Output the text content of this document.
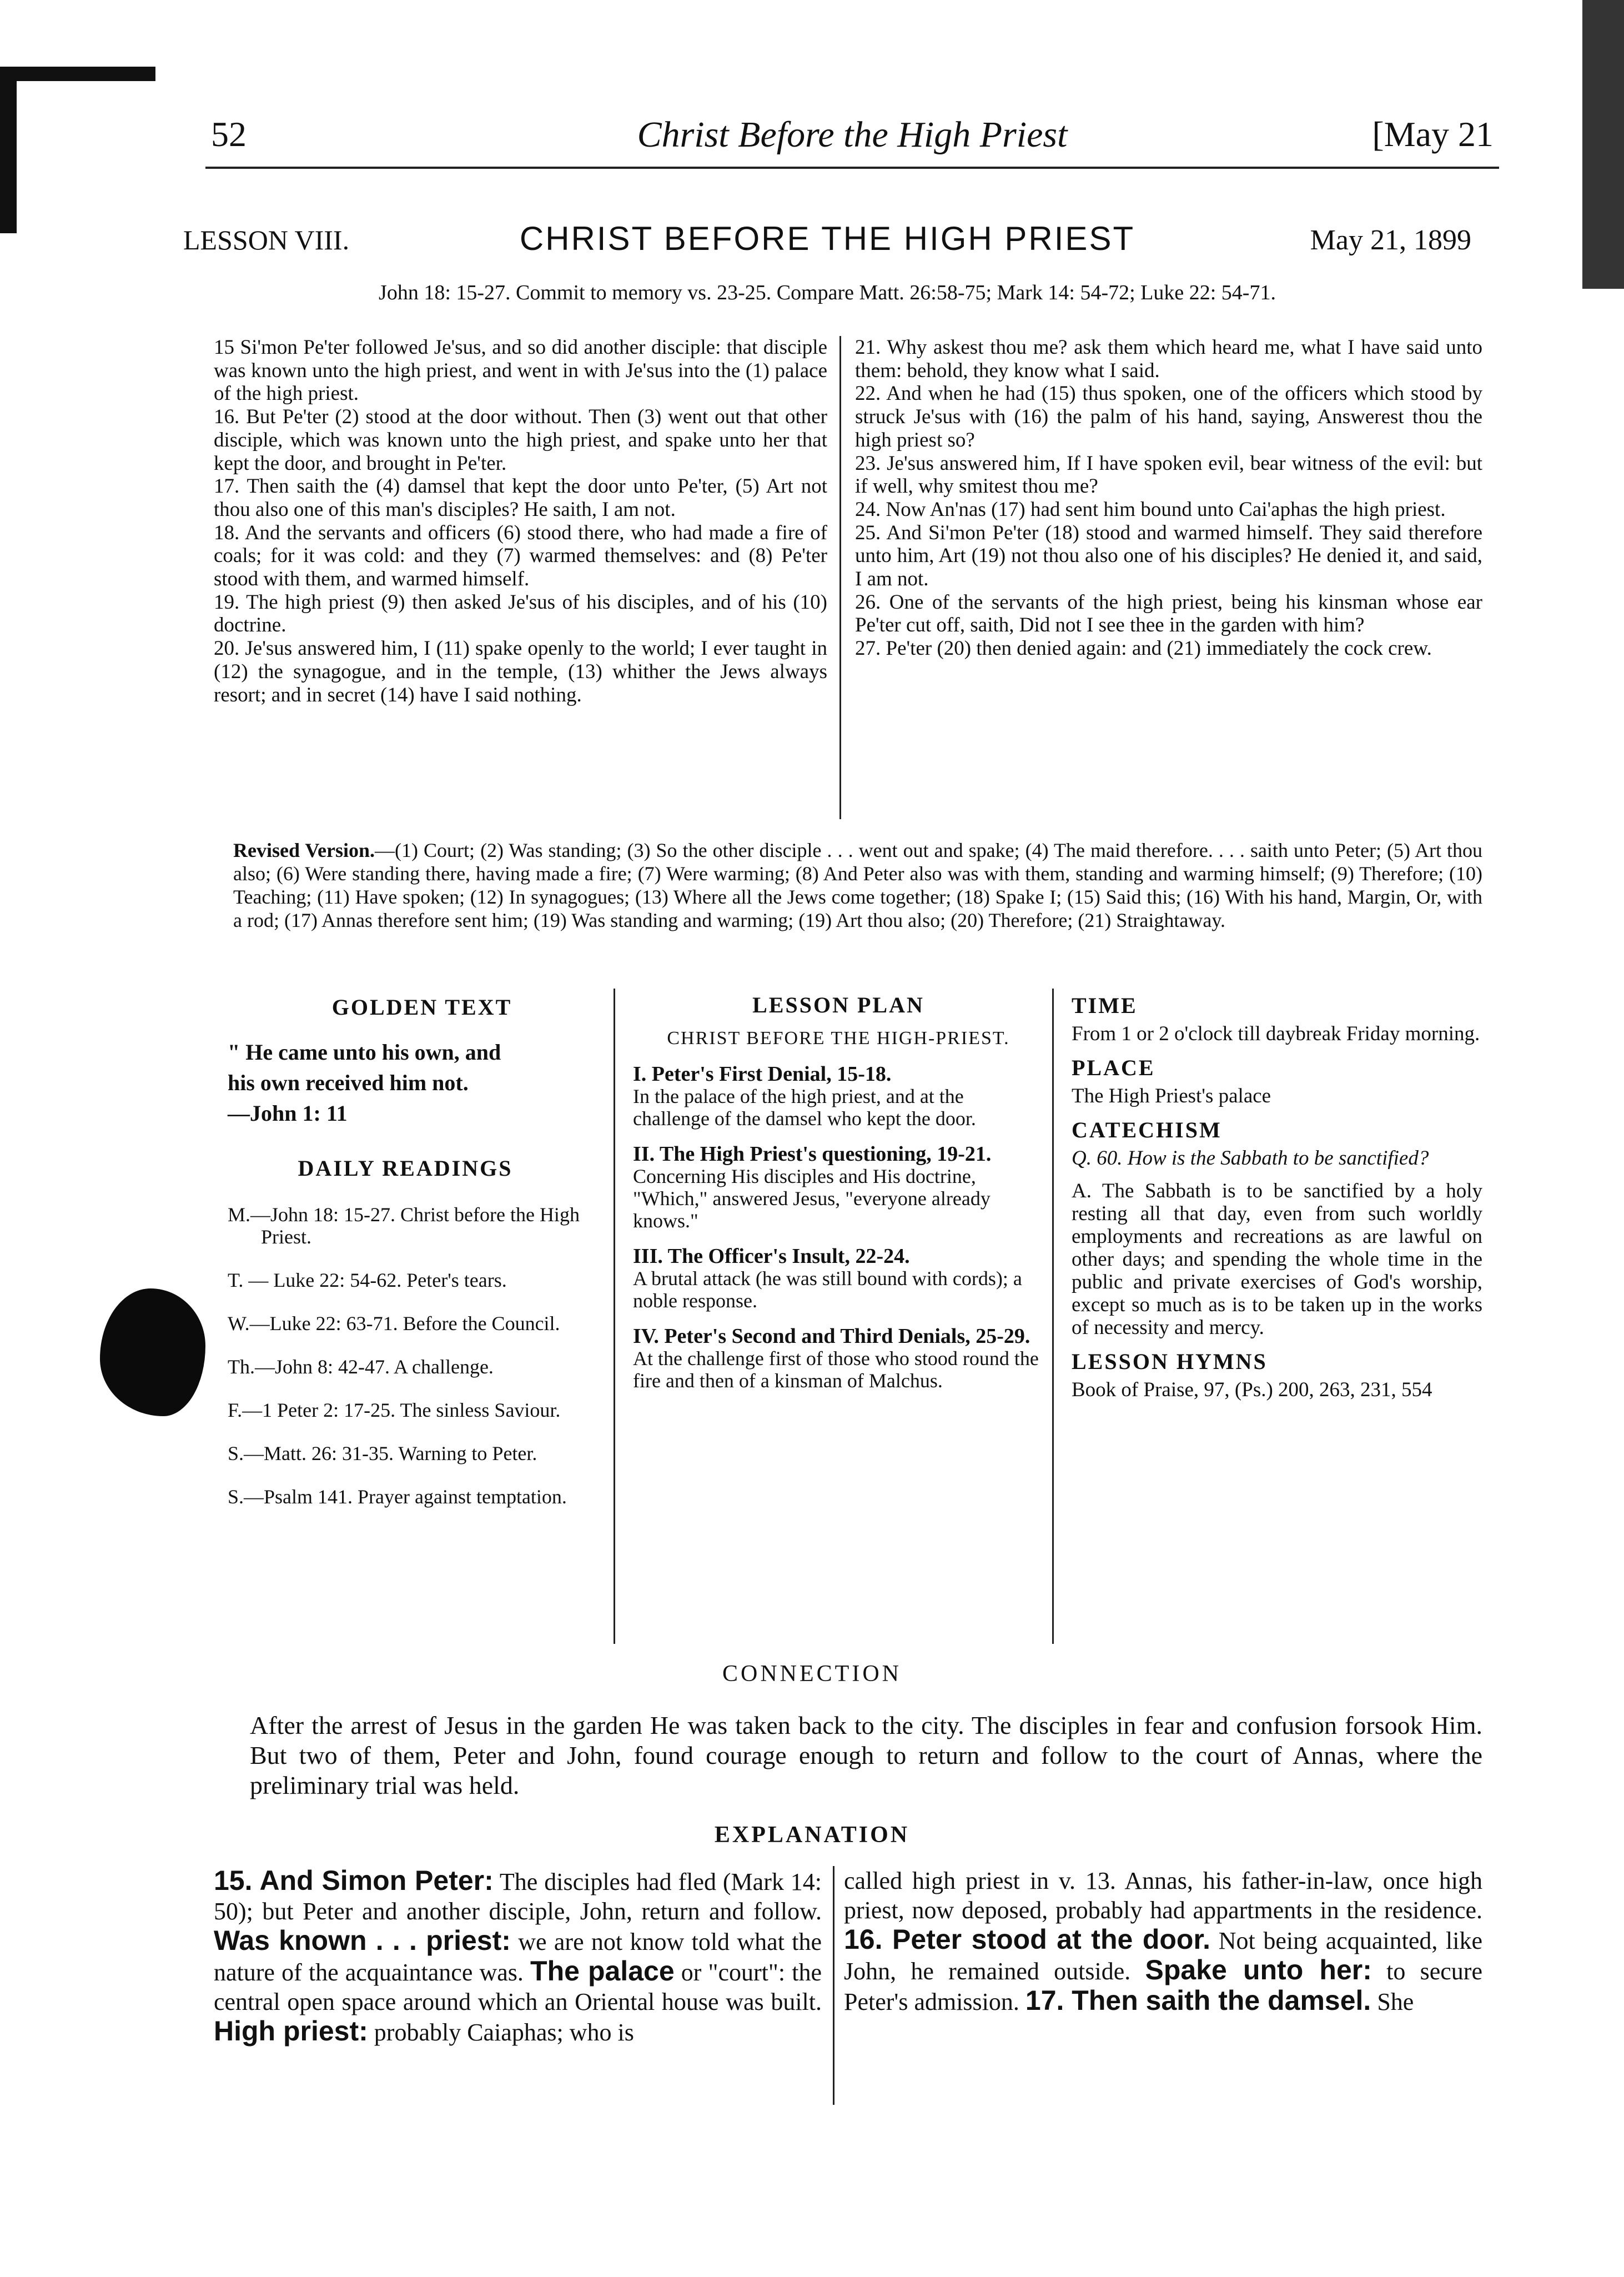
52	Christ Before the High Priest	[May 21
LESSON VIII.	CHRIST BEFORE THE HIGH PRIEST	May 21, 1899
John 18: 15-27. Commit to memory vs. 23-25. Compare Matt. 26:58-75; Mark 14: 54-72; Luke 22: 54-71.

15 Si'mon Pe'ter followed Je'sus, and so did another disciple: that disciple was known unto the high priest, and went in with Je'sus into the (1) palace of the high priest.

16. But Pe'ter (2) stood at the door without. Then (3) went out that other disciple, which was known unto the high priest, and spake unto her that kept the door, and brought in Pe'ter.

17. Then saith the (4) damsel that kept the door unto Pe'ter, (5) Art not thou also one of this man's disciples? He saith, I am not.

18. And the servants and officers (6) stood there, who had made a fire of coals; for it was cold: and they (7) warmed themselves: and (8) Pe'ter stood with them, and warmed himself.

19. The high priest (9) then asked Je'sus of his disciples, and of his (10) doctrine.

20. Je'sus answered him, I (11) spake openly to the world; I ever taught in (12) the synagogue, and in the temple, (13) whither the Jews always resort; and in secret (14) have I said nothing.

21. Why askest thou me? ask them which heard me, what I have said unto them: behold, they know what I said.

22. And when he had (15) thus spoken, one of the officers which stood by struck Je'sus with (16) the palm of his hand, saying, Answerest thou the high priest so?

23. Je'sus answered him, If I have spoken evil, bear witness of the evil: but if well, why smitest thou me?

24. Now An'nas (17) had sent him bound unto Cai'aphas the high priest.

25. And Si'mon Pe'ter (18) stood and warmed himself. They said therefore unto him, Art (19) not thou also one of his disciples? He denied it, and said, I am not.

26. One of the servants of the high priest, being his kinsman whose ear Pe'ter cut off, saith, Did not I see thee in the garden with him?

27. Pe'ter (20) then denied again: and (21) immediately the cock crew.

Revised Version.—(1) Court; (2) Was standing; (3) So the other disciple . . . went out and spake; (4) The maid therefore. . . . saith unto Peter; (5) Art thou also; (6) Were standing there, having made a fire; (7) Were warming; (8) And Peter also was with them, standing and warming himself; (9) Therefore; (10) Teaching; (11) Have spoken; (12) In synagogues; (13) Where all the Jews come together; (18) Spake I; (15) Said this; (16) With his hand, Margin, Or, with a rod; (17) Annas therefore sent him; (19) Was standing and warming; (19) Art thou also; (20) Therefore; (21) Straightaway.
GOLDEN TEXT
" He came unto his own, and
his own received him not.
—John 1: 11
DAILY READINGS
M.—John 18: 15-27. Christ before the High Priest.
T. — Luke 22: 54-62. Peter's tears.
W.—Luke 22: 63-71. Before the Council.
Th.—John 8: 42-47. A challenge.
F.—1 Peter 2: 17-25. The sinless Saviour.
S.—Matt. 26: 31-35. Warning to Peter.
S.—Psalm 141. Prayer against temptation.
LESSON PLAN
CHRIST BEFORE THE HIGH-PRIEST.
I. Peter's First Denial, 15-18.
In the palace of the high priest, and at the challenge of the damsel who kept the door.
II. The High Priest's questioning, 19-21.
Concerning His disciples and His doctrine, "Which," answered Jesus, "everyone already knows."
III. The Officer's Insult, 22-24.
A brutal attack (he was still bound with cords); a noble response.
IV. Peter's Second and Third Denials, 25-29.
At the challenge first of those who stood round the fire and then of a kinsman of Malchus.
TIME
From 1 or 2 o'clock till daybreak Friday morning.
PLACE
The High Priest's palace
CATECHISM
Q. 60. How is the Sabbath to be sanctified?
A. The Sabbath is to be sanctified by a holy resting all that day, even from such worldly employments and recreations as are lawful on other days; and spending the whole time in the public and private exercises of God's worship, except so much as is to be taken up in the works of necessity and mercy.
LESSON HYMNS
Book of Praise, 97, (Ps.) 200, 263, 231, 554
CONNECTION
After the arrest of Jesus in the garden He was taken back to the city. The disciples in fear and confusion forsook Him. But two of them, Peter and John, found courage enough to return and follow to the court of Annas, where the preliminary trial was held.
EXPLANATION
15. And Simon Peter: The disciples had fled (Mark 14: 50); but Peter and another disciple, John, return and follow. Was known . . . priest: we are not know told what the nature of the acquaintance was. The palace or "court": the central open space around which an Oriental house was built. High priest: probably Caiaphas; who is
called high priest in v. 13. Annas, his father-in-law, once high priest, now deposed, probably had appartments in the residence. 16. Peter stood at the door. Not being acquainted, like John, he remained outside. Spake unto her: to secure Peter's admission. 17. Then saith the damsel. She
